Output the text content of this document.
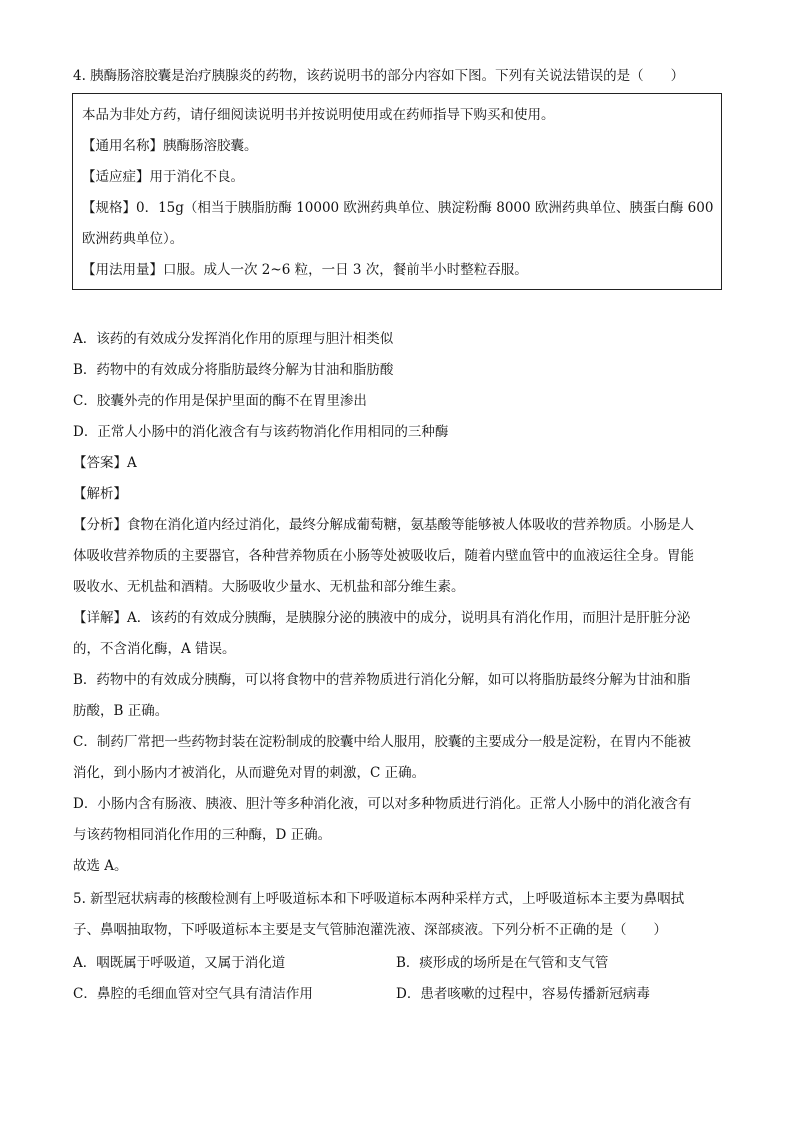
4. 胰酶肠溶胶囊是治疗胰腺炎的药物，该药说明书的部分内容如下图。下列有关说法错误的是（　　）
本品为非处方药，请仔细阅读说明书并按说明使用或在药师指导下购买和使用。
【通用名称】胰酶肠溶胶囊。
【适应症】用于消化不良。
【规格】0．15g（相当于胰脂肪酶 10000 欧洲药典单位、胰淀粉酶 8000 欧洲药典单位、胰蛋白酶 600
欧洲药典单位）。
【用法用量】口服。成人一次 2~6 粒，一日 3 次，餐前半小时整粒吞服。
A．该药的有效成分发挥消化作用的原理与胆汁相类似
B．药物中的有效成分将脂肪最终分解为甘油和脂肪酸
C．胶囊外壳的作用是保护里面的酶不在胃里渗出
D．正常人小肠中的消化液含有与该药物消化作用相同的三种酶
【答案】A
【解析】
【分析】食物在消化道内经过消化，最终分解成葡萄糖，氨基酸等能够被人体吸收的营养物质。小肠是人
体吸收营养物质的主要器官，各种营养物质在小肠等处被吸收后，随着内壁血管中的血液运往全身。胃能
吸收水、无机盐和酒精。大肠吸收少量水、无机盐和部分维生素。
【详解】A．该药的有效成分胰酶，是胰腺分泌的胰液中的成分，说明具有消化作用，而胆汁是肝脏分泌
的，不含消化酶，A 错误。
B．药物中的有效成分胰酶，可以将食物中的营养物质进行消化分解，如可以将脂肪最终分解为甘油和脂
肪酸，B 正确。
C．制药厂常把一些药物封装在淀粉制成的胶囊中给人服用，胶囊的主要成分一般是淀粉，在胃内不能被
消化，到小肠内才被消化，从而避免对胃的刺激，C 正确。
D．小肠内含有肠液、胰液、胆汁等多种消化液，可以对多种物质进行消化。正常人小肠中的消化液含有
与该药物相同消化作用的三种酶，D 正确。
故选 A。
5. 新型冠状病毒的核酸检测有上呼吸道标本和下呼吸道标本两种采样方式，上呼吸道标本主要为鼻咽拭
子、鼻咽抽取物，下呼吸道标本主要是支气管肺泡灌洗液、深部痰液。下列分析不正确的是（　　）
A．咽既属于呼吸道，又属于消化道	B．痰形成的场所是在气管和支气管
C．鼻腔的毛细血管对空气具有清洁作用	D．患者咳嗽的过程中，容易传播新冠病毒
